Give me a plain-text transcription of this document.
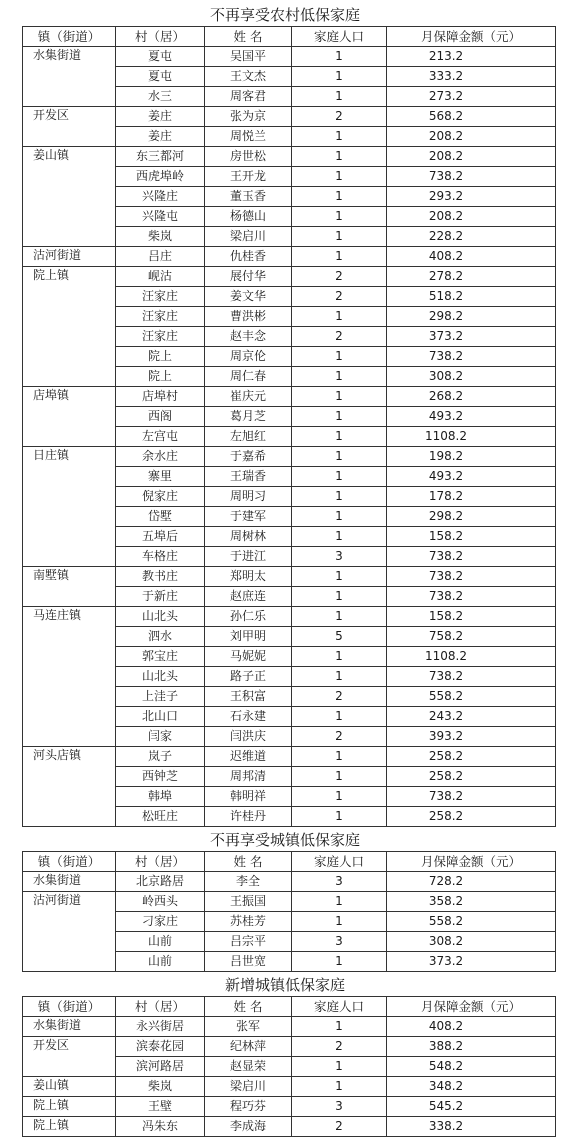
不再享受农村低保家庭
镇（街道）	村（居）	姓 名	家庭人口	月保障金额（元）
水集街道	夏屯	吴国平	1	213.2
	夏屯	王文杰	1	333.2
	水三	周客君	1	273.2
开发区	姜庄	张为京	2	568.2
	姜庄	周悦兰	1	208.2
姜山镇	东三都河	房世松	1	208.2
	西虎埠岭	王开龙	1	738.2
	兴隆庄	董玉香	1	293.2
	兴隆屯	杨德山	1	208.2
	柴岚	梁启川	1	228.2
沽河街道	吕庄	仇桂香	1	408.2
院上镇	岘沽	展付华	2	278.2
	汪家庄	姜文华	2	518.2
	汪家庄	曹洪彬	1	298.2
	汪家庄	赵丰念	2	373.2
	院上	周京伦	1	738.2
	院上	周仁春	1	308.2
店埠镇	店埠村	崔庆元	1	268.2
	西阁	葛月芝	1	493.2
	左宫屯	左旭红	1	1108.2
日庄镇	余水庄	于嘉希	1	198.2
	寨里	王瑞香	1	493.2
	倪家庄	周明习	1	178.2
	岱墅	于建军	1	298.2
	五埠后	周树林	1	158.2
	车格庄	于进江	3	738.2
南墅镇	教书庄	郑明太	1	738.2
	于新庄	赵庶连	1	738.2
马连庄镇	山北头	孙仁乐	1	158.2
	泗水	刘甲明	5	758.2
	郭宝庄	马妮妮	1	1108.2
	山北头	路子正	1	738.2
	上洼子	王积富	2	558.2
	北山口	石永建	1	243.2
	闫家	闫洪庆	2	393.2
河头店镇	岚子	迟维道	1	258.2
	西钟芝	周邦清	1	258.2
	韩埠	韩明祥	1	738.2
	松旺庄	许桂丹	1	258.2
不再享受城镇低保家庭
镇（街道）	村（居）	姓 名	家庭人口	月保障金额（元）
水集街道	北京路居	李全	3	728.2
沽河街道	岭西头	王振国	1	358.2
	刁家庄	苏桂芳	1	558.2
	山前	吕宗平	3	308.2
	山前	吕世宽	1	373.2
新增城镇低保家庭
镇（街道）	村（居）	姓 名	家庭人口	月保障金额（元）
水集街道	永兴街居	张军	1	408.2
开发区	滨泰花园	纪林萍	2	388.2
	滨河路居	赵显荣	1	548.2
姜山镇	柴岚	梁启川	1	348.2
院上镇	王壁	程巧芬	3	545.2
院上镇	冯朱东	李成海	2	338.2
